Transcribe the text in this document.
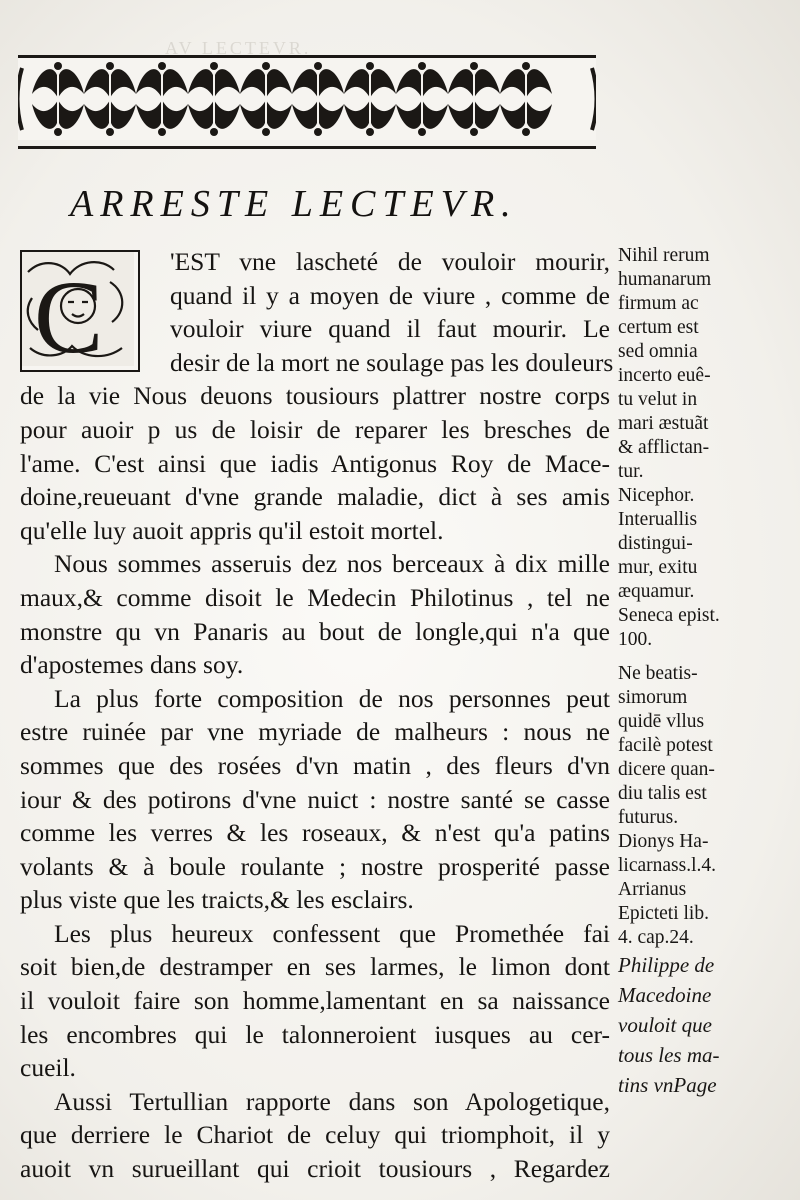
AV LECTEVR.
ARRESTE LECTEVR.
C	'EST vne lascheté de vouloir mourir,
quand il y a moyen de viure , comme de
vouloir viure quand il faut mourir. Le
desir de la mort ne soulage pas les douleurs
de la vie Nous deuons tousiours plattrer nostre corps
pour auoir p us de loisir de reparer les bresches de
l'ame. C'est ainsi que iadis Antigonus Roy de Mace-
doine,reueuant d'vne grande maladie, dict à ses amis
qu'elle luy auoit appris qu'il estoit mortel.
Nous sommes asseruis dez nos berceaux à dix mille
maux,& comme disoit le Medecin Philotinus , tel ne
monstre qu vn Panaris au bout de longle,qui n'a que
d'apostemes dans soy.
La plus forte composition de nos personnes peut
estre ruinée par vne myriade de malheurs : nous ne
sommes que des rosées d'vn matin , des fleurs d'vn
iour & des potirons d'vne nuict : nostre santé se casse
comme les verres & les roseaux, & n'est qu'a patins
volants & à boule roulante ; nostre prosperité passe
plus viste que les traicts,& les esclairs.
Les plus heureux confessent que Promethée fai
soit bien,de destramper en ses larmes, le limon dont
il vouloit faire son homme,lamentant en sa naissance
les encombres qui le talonneroient iusques au cer-
cueil.
Aussi Tertullian rapporte dans son Apologetique,
que derriere le Chariot de celuy qui triomphoit, il y
auoit vn surueillant qui crioit tousiours , Regardez
Nihil rerum
humanarum
firmum ac
certum est
sed omnia
incerto euê-
tu velut in
mari æstuãt
& afflictan-
tur.
Nicephor.
Interuallis
distingui-
mur, exitu
æquamur.
Seneca epist.
100.
Ne beatis-
simorum
quidē vllus
facilè potest
dicere quan-
diu talis est
futurus.
Dionys Ha-
licarnass.l.4.
Arrianus
Epicteti lib.
4. cap.24.
Philippe de
Macedoine
vouloit que
tous les ma-
tins vnPage
